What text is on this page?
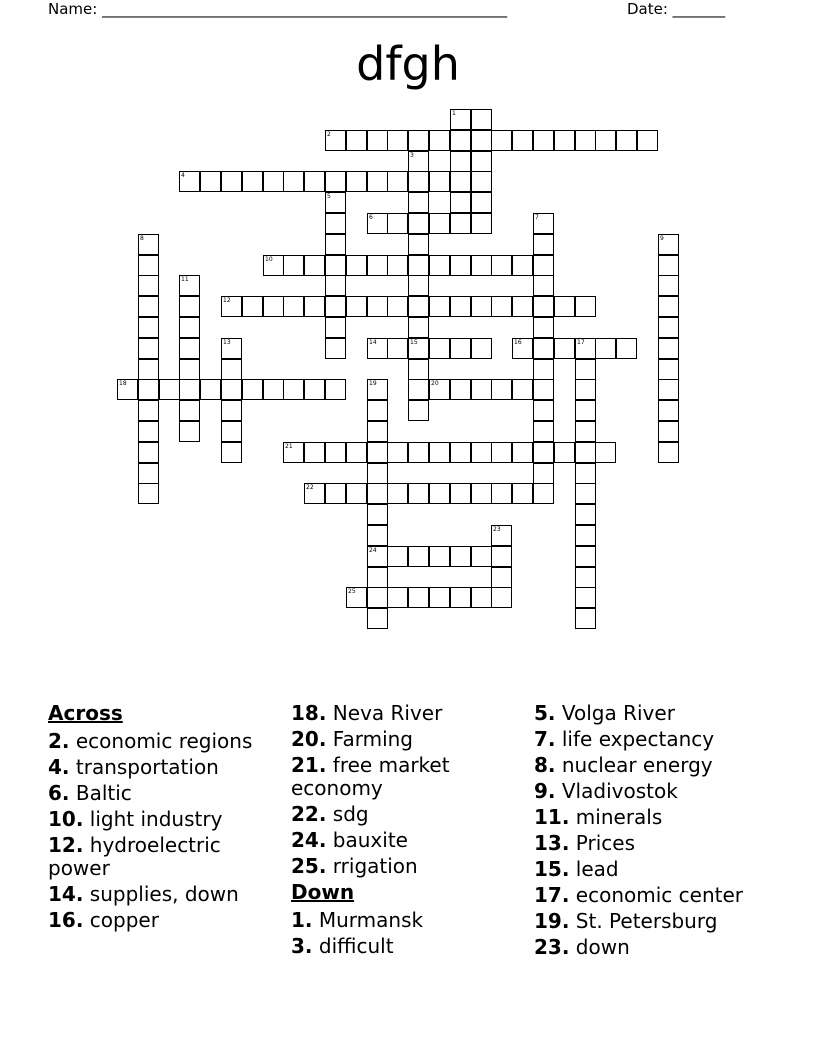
Name: ______________________________________________________	Date: _______
dfgh
1
2
3
4
5
6	7
8	9
10
11
12
13	14	15	16	17
18	19	20
21
22
23
24
25
Across
2. economic regions
4. transportation
6. Baltic
10. light industry
12. hydroelectric power
14. supplies, down
16. copper
18. Neva River
20. Farming
21. free market economy
22. sdg
24. bauxite
25. rrigation
Down
1. Murmansk
3. difficult
5. Volga River
7. life expectancy
8. nuclear energy
9. Vladivostok
11. minerals
13. Prices
15. lead
17. economic center
19. St. Petersburg
23. down
